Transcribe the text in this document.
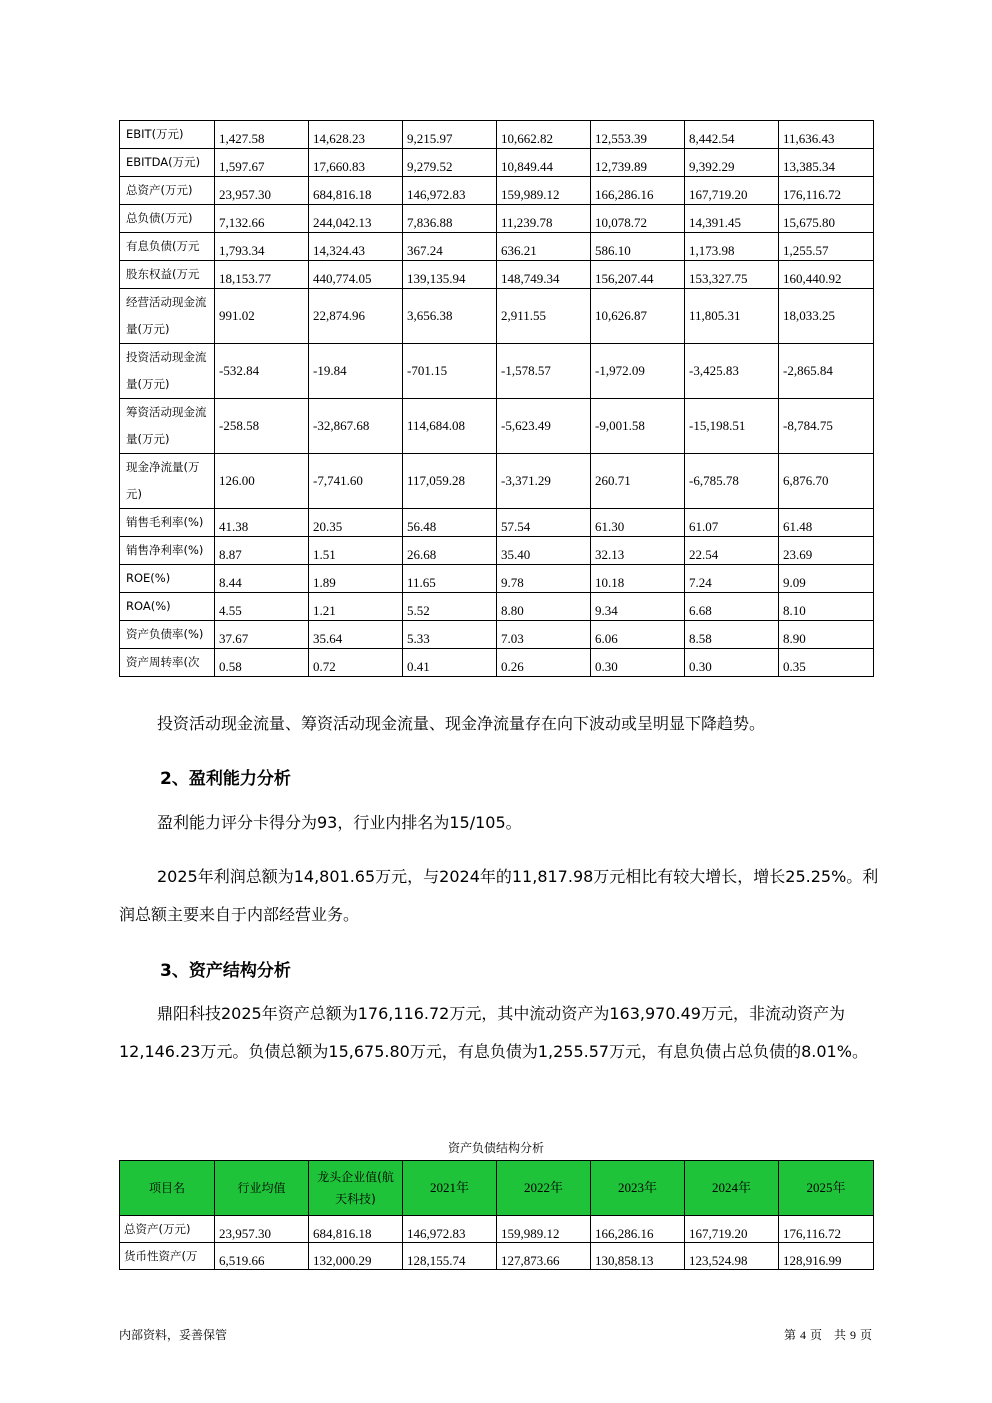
EBIT(万元)	1,427.58	14,628.23	9,215.97	10,662.82	12,553.39	8,442.54	11,636.43
EBITDA(万元)	1,597.67	17,660.83	9,279.52	10,849.44	12,739.89	9,392.29	13,385.34
总资产(万元)	23,957.30	684,816.18	146,972.83	159,989.12	166,286.16	167,719.20	176,116.72
总负债(万元)	7,132.66	244,042.13	7,836.88	11,239.78	10,078.72	14,391.45	15,675.80
有息负债(万元	1,793.34	14,324.43	367.24	636.21	586.10	1,173.98	1,255.57
股东权益(万元	18,153.77	440,774.05	139,135.94	148,749.34	156,207.44	153,327.75	160,440.92
经营活动现金流量(万元)	991.02	22,874.96	3,656.38	2,911.55	10,626.87	11,805.31	18,033.25
投资活动现金流量(万元)	-532.84	-19.84	-701.15	-1,578.57	-1,972.09	-3,425.83	-2,865.84
筹资活动现金流量(万元)	-258.58	-32,867.68	114,684.08	-5,623.49	-9,001.58	-15,198.51	-8,784.75
现金净流量(万元)	126.00	-7,741.60	117,059.28	-3,371.29	260.71	-6,785.78	6,876.70
销售毛利率(%)	41.38	20.35	56.48	57.54	61.30	61.07	61.48
销售净利率(%)	8.87	1.51	26.68	35.40	32.13	22.54	23.69
ROE(%)	8.44	1.89	11.65	9.78	10.18	7.24	9.09
ROA(%)	4.55	1.21	5.52	8.80	9.34	6.68	8.10
资产负债率(%)	37.67	35.64	5.33	7.03	6.06	8.58	8.90
资产周转率(次	0.58	0.72	0.41	0.26	0.30	0.30	0.35
投资活动现金流量、筹资活动现金流量、现金净流量存在向下波动或呈明显下降趋势。
2、盈利能力分析
盈利能力评分卡得分为93，行业内排名为15/105。
2025年利润总额为14,801.65万元，与2024年的11,817.98万元相比有较大增长，增长25.25%。利润总额主要来自于内部经营业务。
3、资产结构分析
鼎阳科技2025年资产总额为176,116.72万元，其中流动资产为163,970.49万元，非流动资产为12,146.23万元。负债总额为15,675.80万元，有息负债为1,255.57万元，有息负债占总负债的8.01%。
资产负债结构分析
项目名	行业均值	龙头企业值(航天科技)	2021年	2022年	2023年	2024年	2025年
总资产(万元)	23,957.30	684,816.18	146,972.83	159,989.12	166,286.16	167,719.20	176,116.72
货币性资产(万	6,519.66	132,000.29	128,155.74	127,873.66	130,858.13	123,524.98	128,916.99
内部资料，妥善保管	第 4 页　共 9 页
